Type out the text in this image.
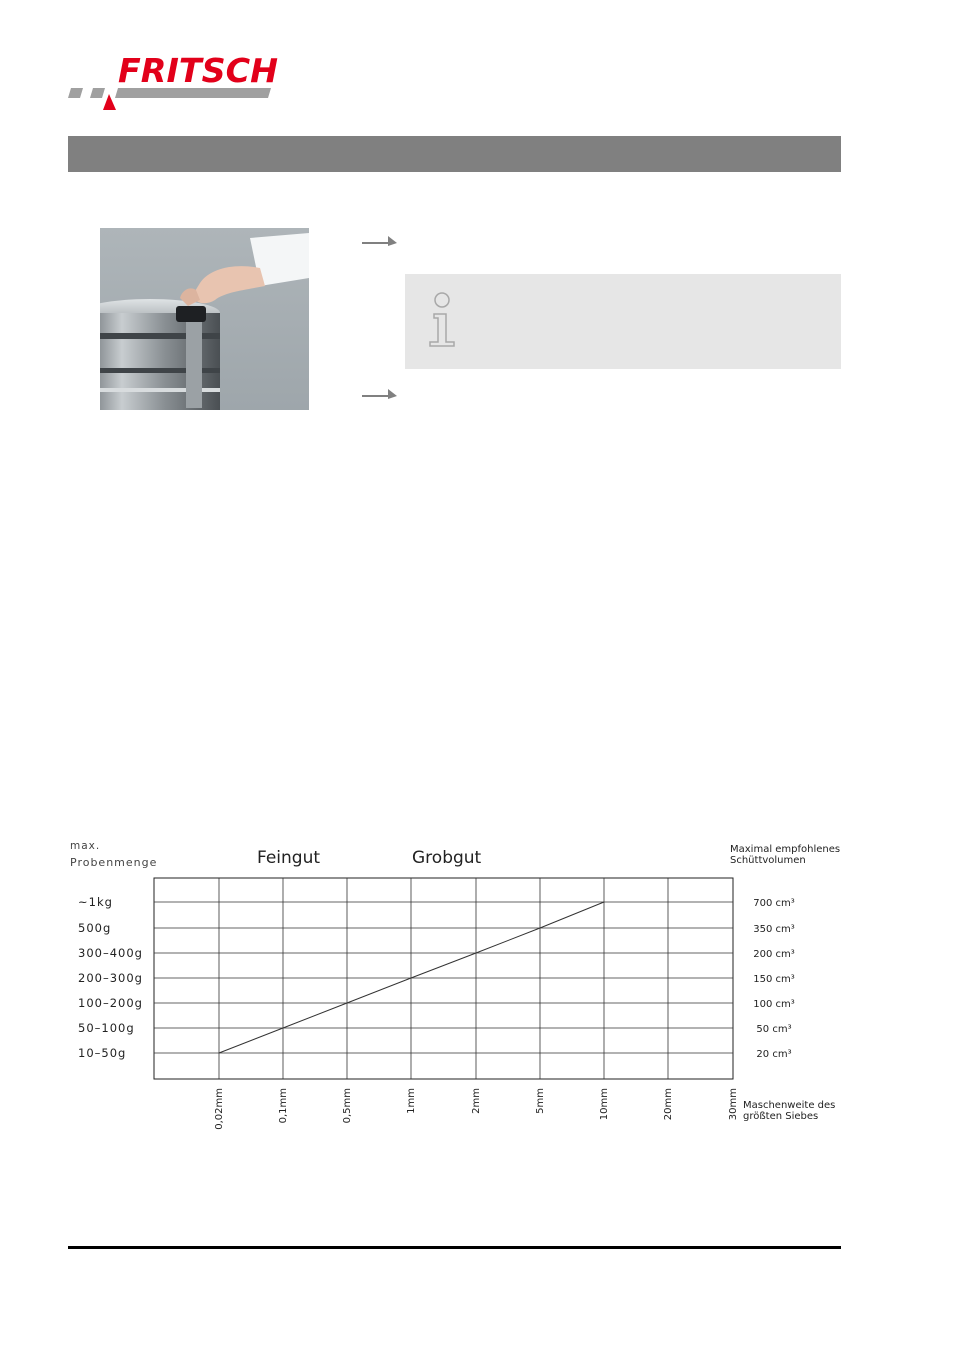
FRITSCH
max.
Probenmenge	Feingut	Grobgut	Maximal empfohlenes
Schüttvolumen
Maschenweite des
größten Siebes
10–50g
50–100g
100–200g
200–300g
300–400g
500g
~1kg
20 cm³
50 cm³
100 cm³
150 cm³
200 cm³
350 cm³
700 cm³
0,02mm	0,1mm	0,5mm	1mm	2mm	5mm	10mm	20mm	30mm
